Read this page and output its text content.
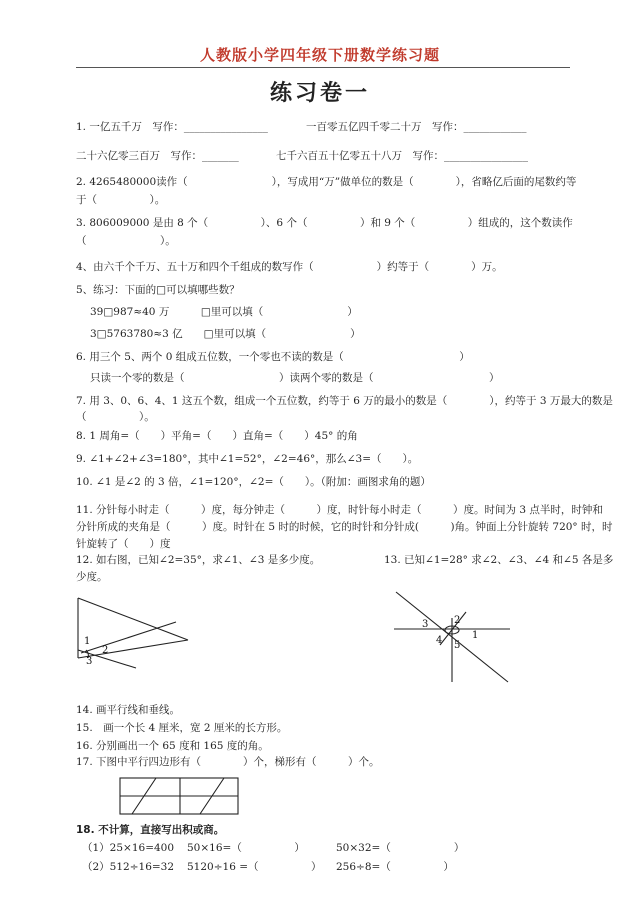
人教版小学四年级下册数学练习题
练习卷一
1. 一亿五千万　写作：________________	一百零五亿四千零二十万　写作：____________
二十六亿零三百万　写作：_______	七千六百五十亿零五十八万　写作：________________
2. 4265480000读作（　　　　　　　　），写成用“万”做单位的数是（　　　　），省略亿后面的尾数约等
于（　　　　　）。
3. 806009000 是由 8 个（　　　　　）、6 个（　　　　　）和 9 个（　　　　　）组成的，这个数读作
（　　　　　　　）。
4、由六千个千万、五十万和四个千组成的数写作（　　　　　　）约等于（　　　　）万。
5、练习：下面的□可以填哪些数？
39□987≈40 万　　　□里可以填（　　　　　　　　）
3□5763780≈3 亿　　□里可以填（　　　　　　　　）
6. 用三个 5、两个 0 组成五位数，一个零也不读的数是（　　　　　　　　　　　）
只读一个零的数是（　　　　　　　　　）读两个零的数是（　　　　　　　　　　　）
7. 用 3、0、6、4、1 这五个数，组成一个五位数，约等于 6 万的最小的数是（　　　　），约等于 3 万最大的数是
（　　　　　）。
8. 1 周角=（　　）平角=（　　）直角=（　　）45° 的角
9. ∠1+∠2+∠3=180°，其中∠1=52°，∠2=46°，那么∠3=（　　）。
10. ∠1 是∠2 的 3 倍，∠1=120°，∠2=（　　）。（附加：画图求角的题）
11. 分针每小时走（　　　）度，每分钟走（　　　）度，时针每小时走（　　　）度。时间为 3 点半时，时钟和
分针所成的夹角是（　　　）度。时针在 5 时的时候，它的时针和分针成(　　　)角。钟面上分针旋转 720° 时，时
针旋转了（　　）度
12. 如右图，已知∠2=35°，求∠1、∠3 是多少度。	13. 已知∠1=28° 求∠2、∠3、∠4 和∠5 各是多
少度。
1
2
3
1
2
3
4 5
14. 画平行线和垂线。
15.　画一个长 4 厘米，宽 2 厘米的长方形。
16. 分别画出一个 65 度和 165 度的角。
17. 下图中平行四边形有（　　　　）个，梯形有（　　　）个。
18. 不计算，直接写出积或商。
（1）25×16=400 50×16=（　　　　　）	50×32=（　　　　　　）
（2）512÷16=32 5120÷16 =（　　　　　） 256÷8=（　　　　　）
